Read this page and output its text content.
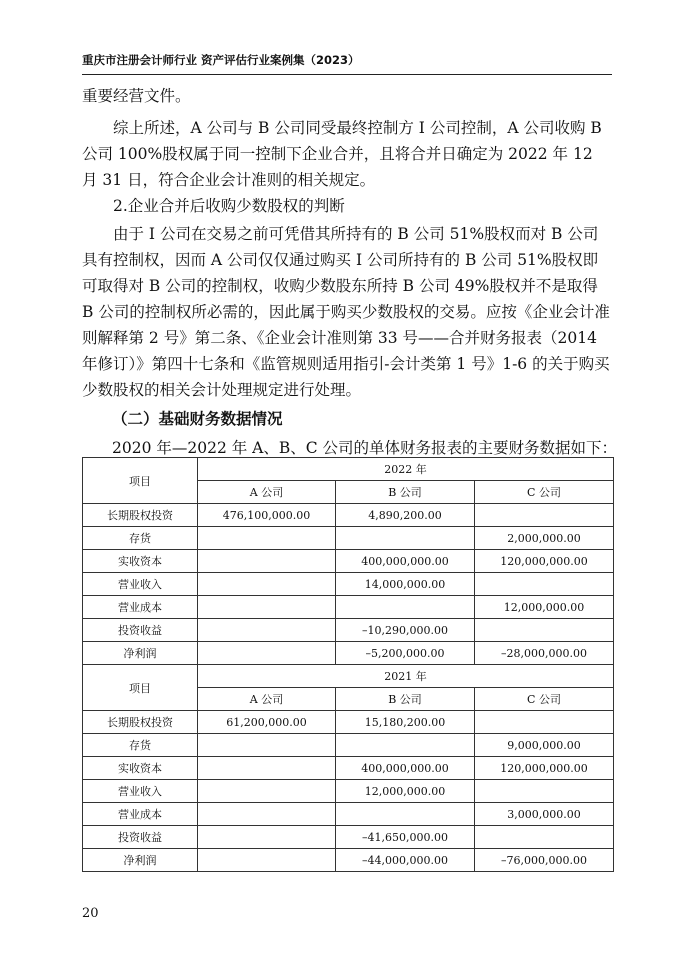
重庆市注册会计师行业 资产评估行业案例集（2023）

重要经营文件。

综上所述，A 公司与 B 公司同受最终控制方 I 公司控制，A 公司收购 B 公司 100%股权属于同一控制下企业合并，且将合并日确定为 2022 年 12 月 31 日，符合企业会计准则的相关规定。

2.企业合并后收购少数股权的判断

由于 I 公司在交易之前可凭借其所持有的 B 公司 51%股权而对 B 公司具有控制权，因而 A 公司仅仅通过购买 I 公司所持有的 B 公司 51%股权即可取得对 B 公司的控制权，收购少数股东所持 B 公司 49%股权并不是取得 B 公司的控制权所必需的，因此属于购买少数股权的交易。应按《企业会计准则解释第 2 号》第二条、《企业会计准则第 33 号——合并财务报表（2014 年修订）》第四十七条和《监管规则适用指引-会计类第 1 号》1-6 的关于购买少数股权的相关会计处理规定进行处理。

（二）基础财务数据情况
2020 年—2022 年 A、B、C 公司的单体财务报表的主要财务数据如下：
项目	2022 年		
	A 公司	B 公司	C 公司
长期股权投资	476,100,000.00	4,890,200.00	
存货			2,000,000.00
实收资本		400,000,000.00	120,000,000.00
营业收入		14,000,000.00	
营业成本			12,000,000.00
投资收益		–10,290,000.00	
净利润		–5,200,000.00	–28,000,000.00
项目	2021 年		
	A 公司	B 公司	C 公司
长期股权投资	61,200,000.00	15,180,200.00	
存货			9,000,000.00
实收资本		400,000,000.00	120,000,000.00
营业收入		12,000,000.00	
营业成本			3,000,000.00
投资收益		–41,650,000.00	
净利润		–44,000,000.00	–76,000,000.00
20
